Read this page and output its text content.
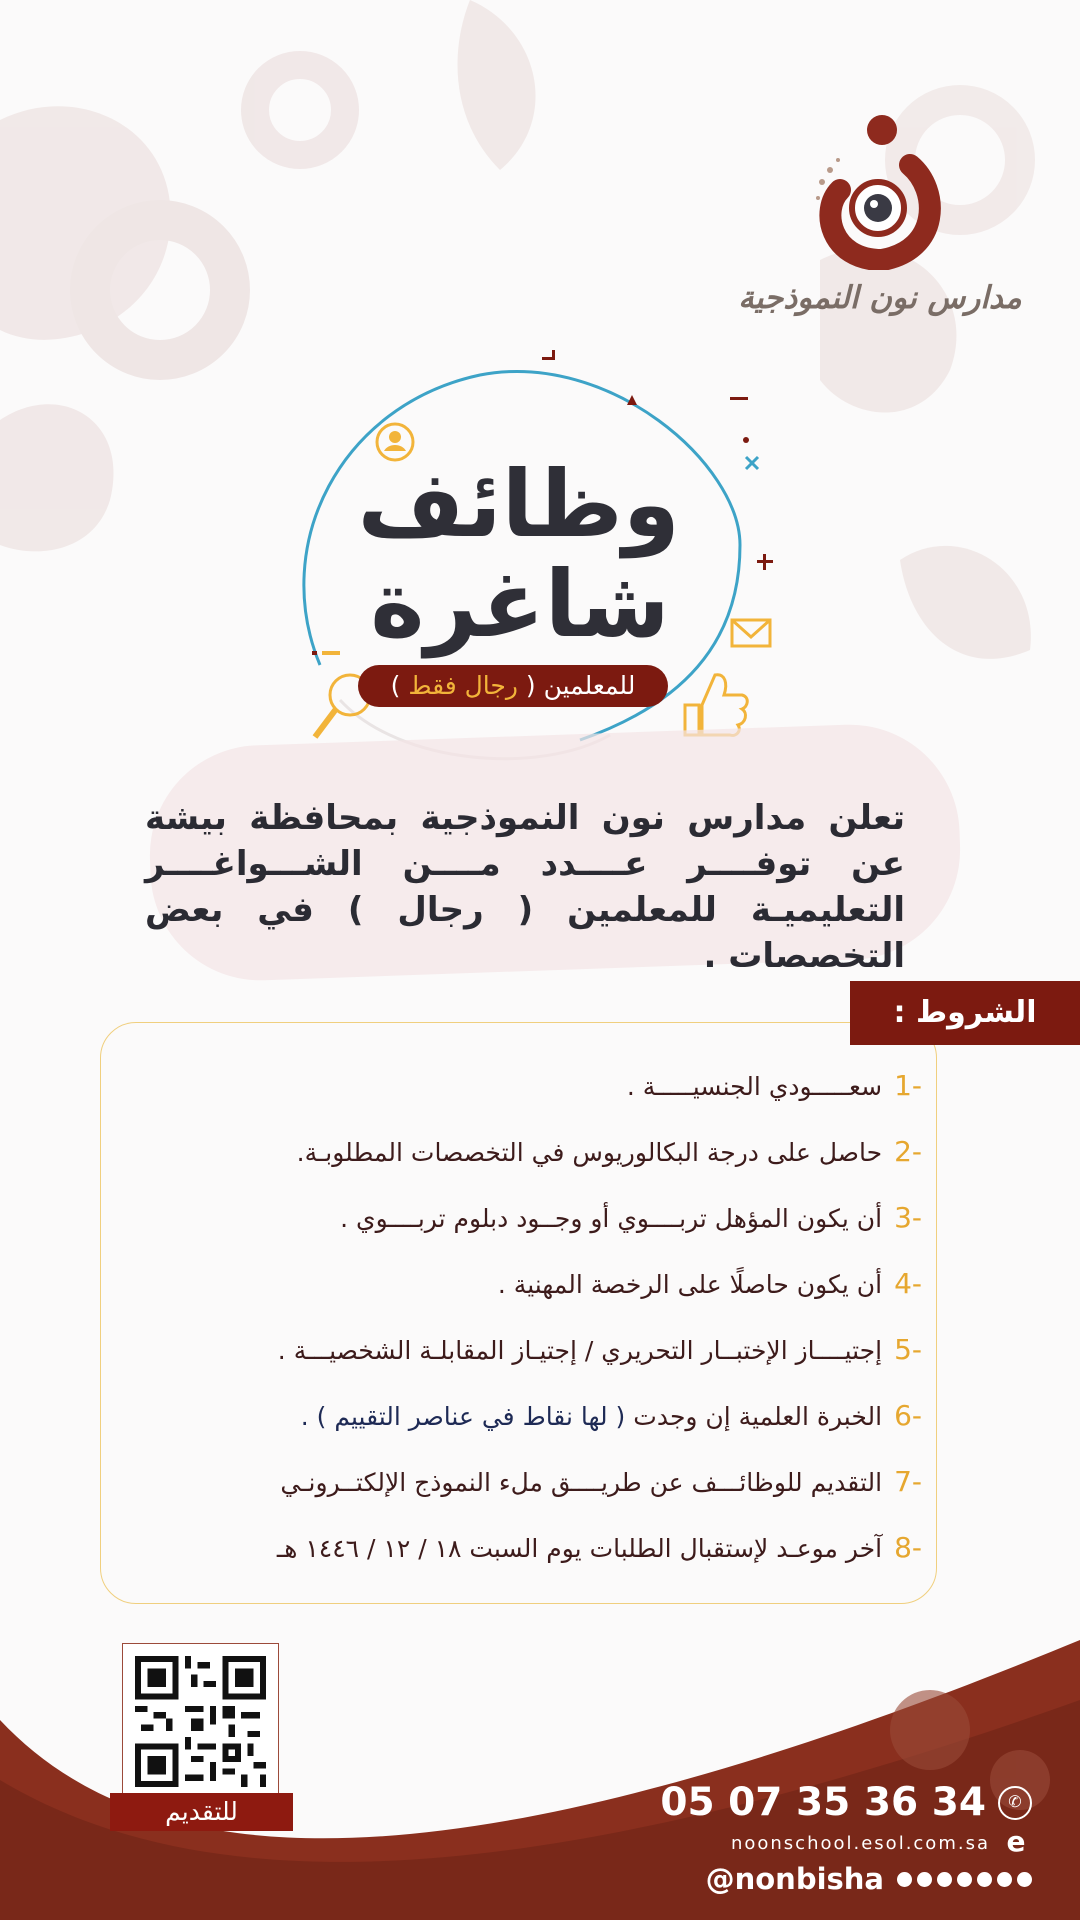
مدارس نون النموذجية
وظائف
شاغرة
للمعلمين ( رجال فقط )
تعلن مدارس نون النموذجية بمحافظة بيشة عن توفــــر عــــدد مــــن الشـــواغــــر التعليميـة للمعلمين ( رجال ) في بعض التخصصات .
الشروط :
-1سعـــــودي الجنسيـــــة .
-2حاصل على درجة البكالوريوس في التخصصات المطلوبـة.
-3أن يكون المؤهل تربــــوي أو وجــود دبلوم تربــــوي .
-4أن يكون حاصلًا على الرخصة المهنية .
-5إجتيــــاز الإختبــار التحريري / إجتيـاز المقابلـة الشخصيـــة .
-6الخبرة العلمية إن وجدت ( لها نقاط في عناصر التقييم ) .
-7التقديم للوظائـــف عن طريــــق ملء النموذج الإلكتــرونـي
-8آخر موعـد لإستقبال الطلبات يوم السبت ١٨ / ١٢ / ١٤٤٦ هـ
للتقديم	05 07 35 36 34	✆
noonschool.esol.com.sa e
@nonbisha
